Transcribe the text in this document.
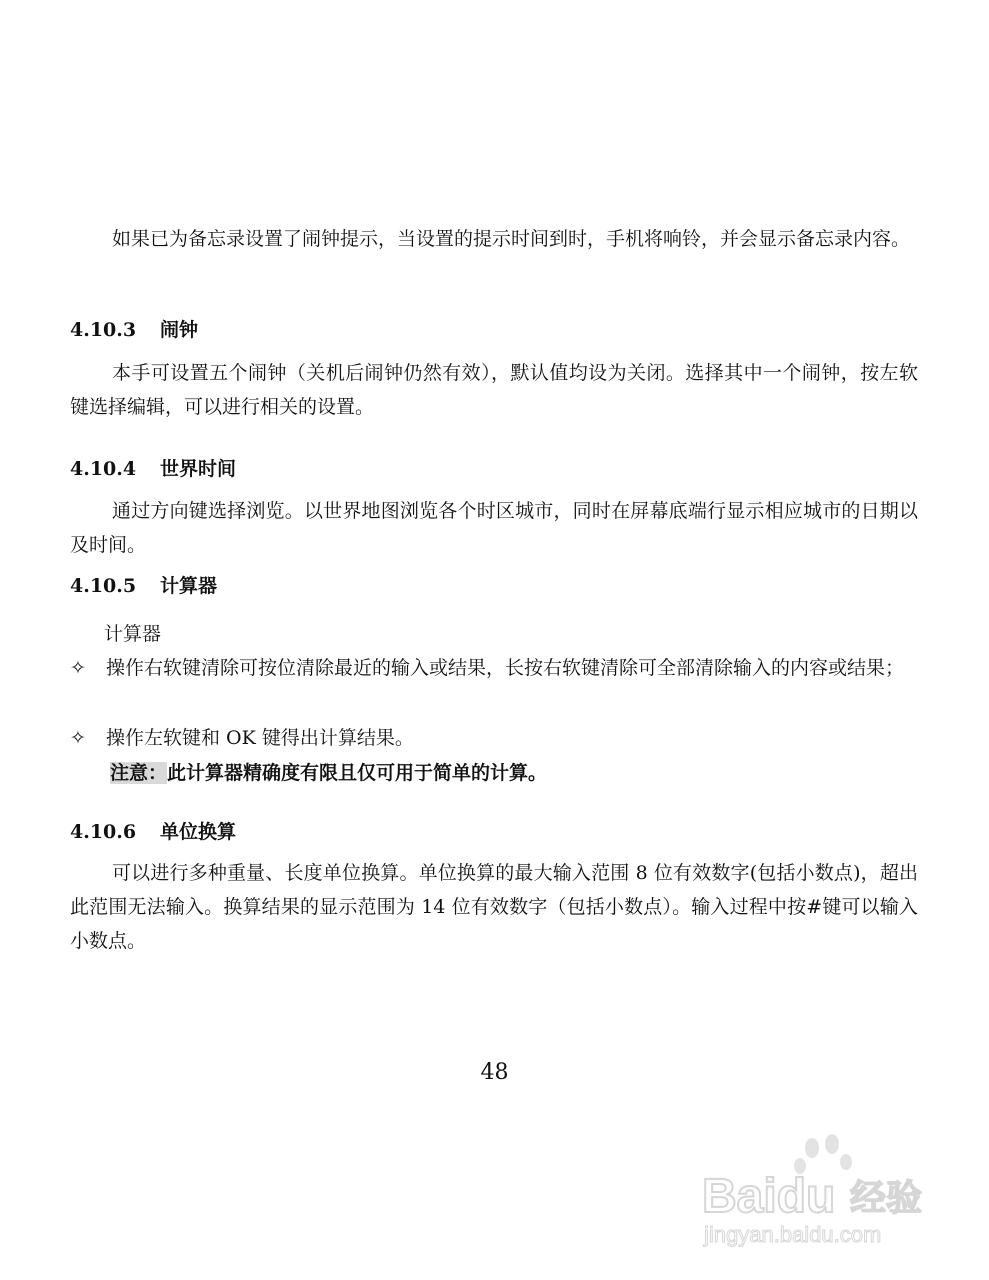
如果已为备忘录设置了闹钟提示，当设置的提示时间到时，手机将响铃，并会显示备忘录内容。

4.10.3 闹钟

本手可设置五个闹钟（关机后闹钟仍然有效），默认值均设为关闭。选择其中一个闹钟，按左软键选择编辑，可以进行相关的设置。

4.10.4 世界时间

通过方向键选择浏览。以世界地图浏览各个时区城市，同时在屏幕底端行显示相应城市的日期以及时间。

4.10.5 计算器
计算器
✧	操作右软键清除可按位清除最近的输入或结果，长按右软键清除可全部清除输入的内容或结果；
✧	操作左软键和 OK 键得出计算结果。
注意：此计算器精确度有限且仅可用于简单的计算。
4.10.6 单位换算

可以进行多种重量、长度单位换算。单位换算的最大输入范围 8 位有效数字(包括小数点)，超出此范围无法输入。换算结果的显示范围为 14 位有效数字（包括小数点）。输入过程中按#键可以输入小数点。

48
Baidu 经验
jingyan.baidu.com
